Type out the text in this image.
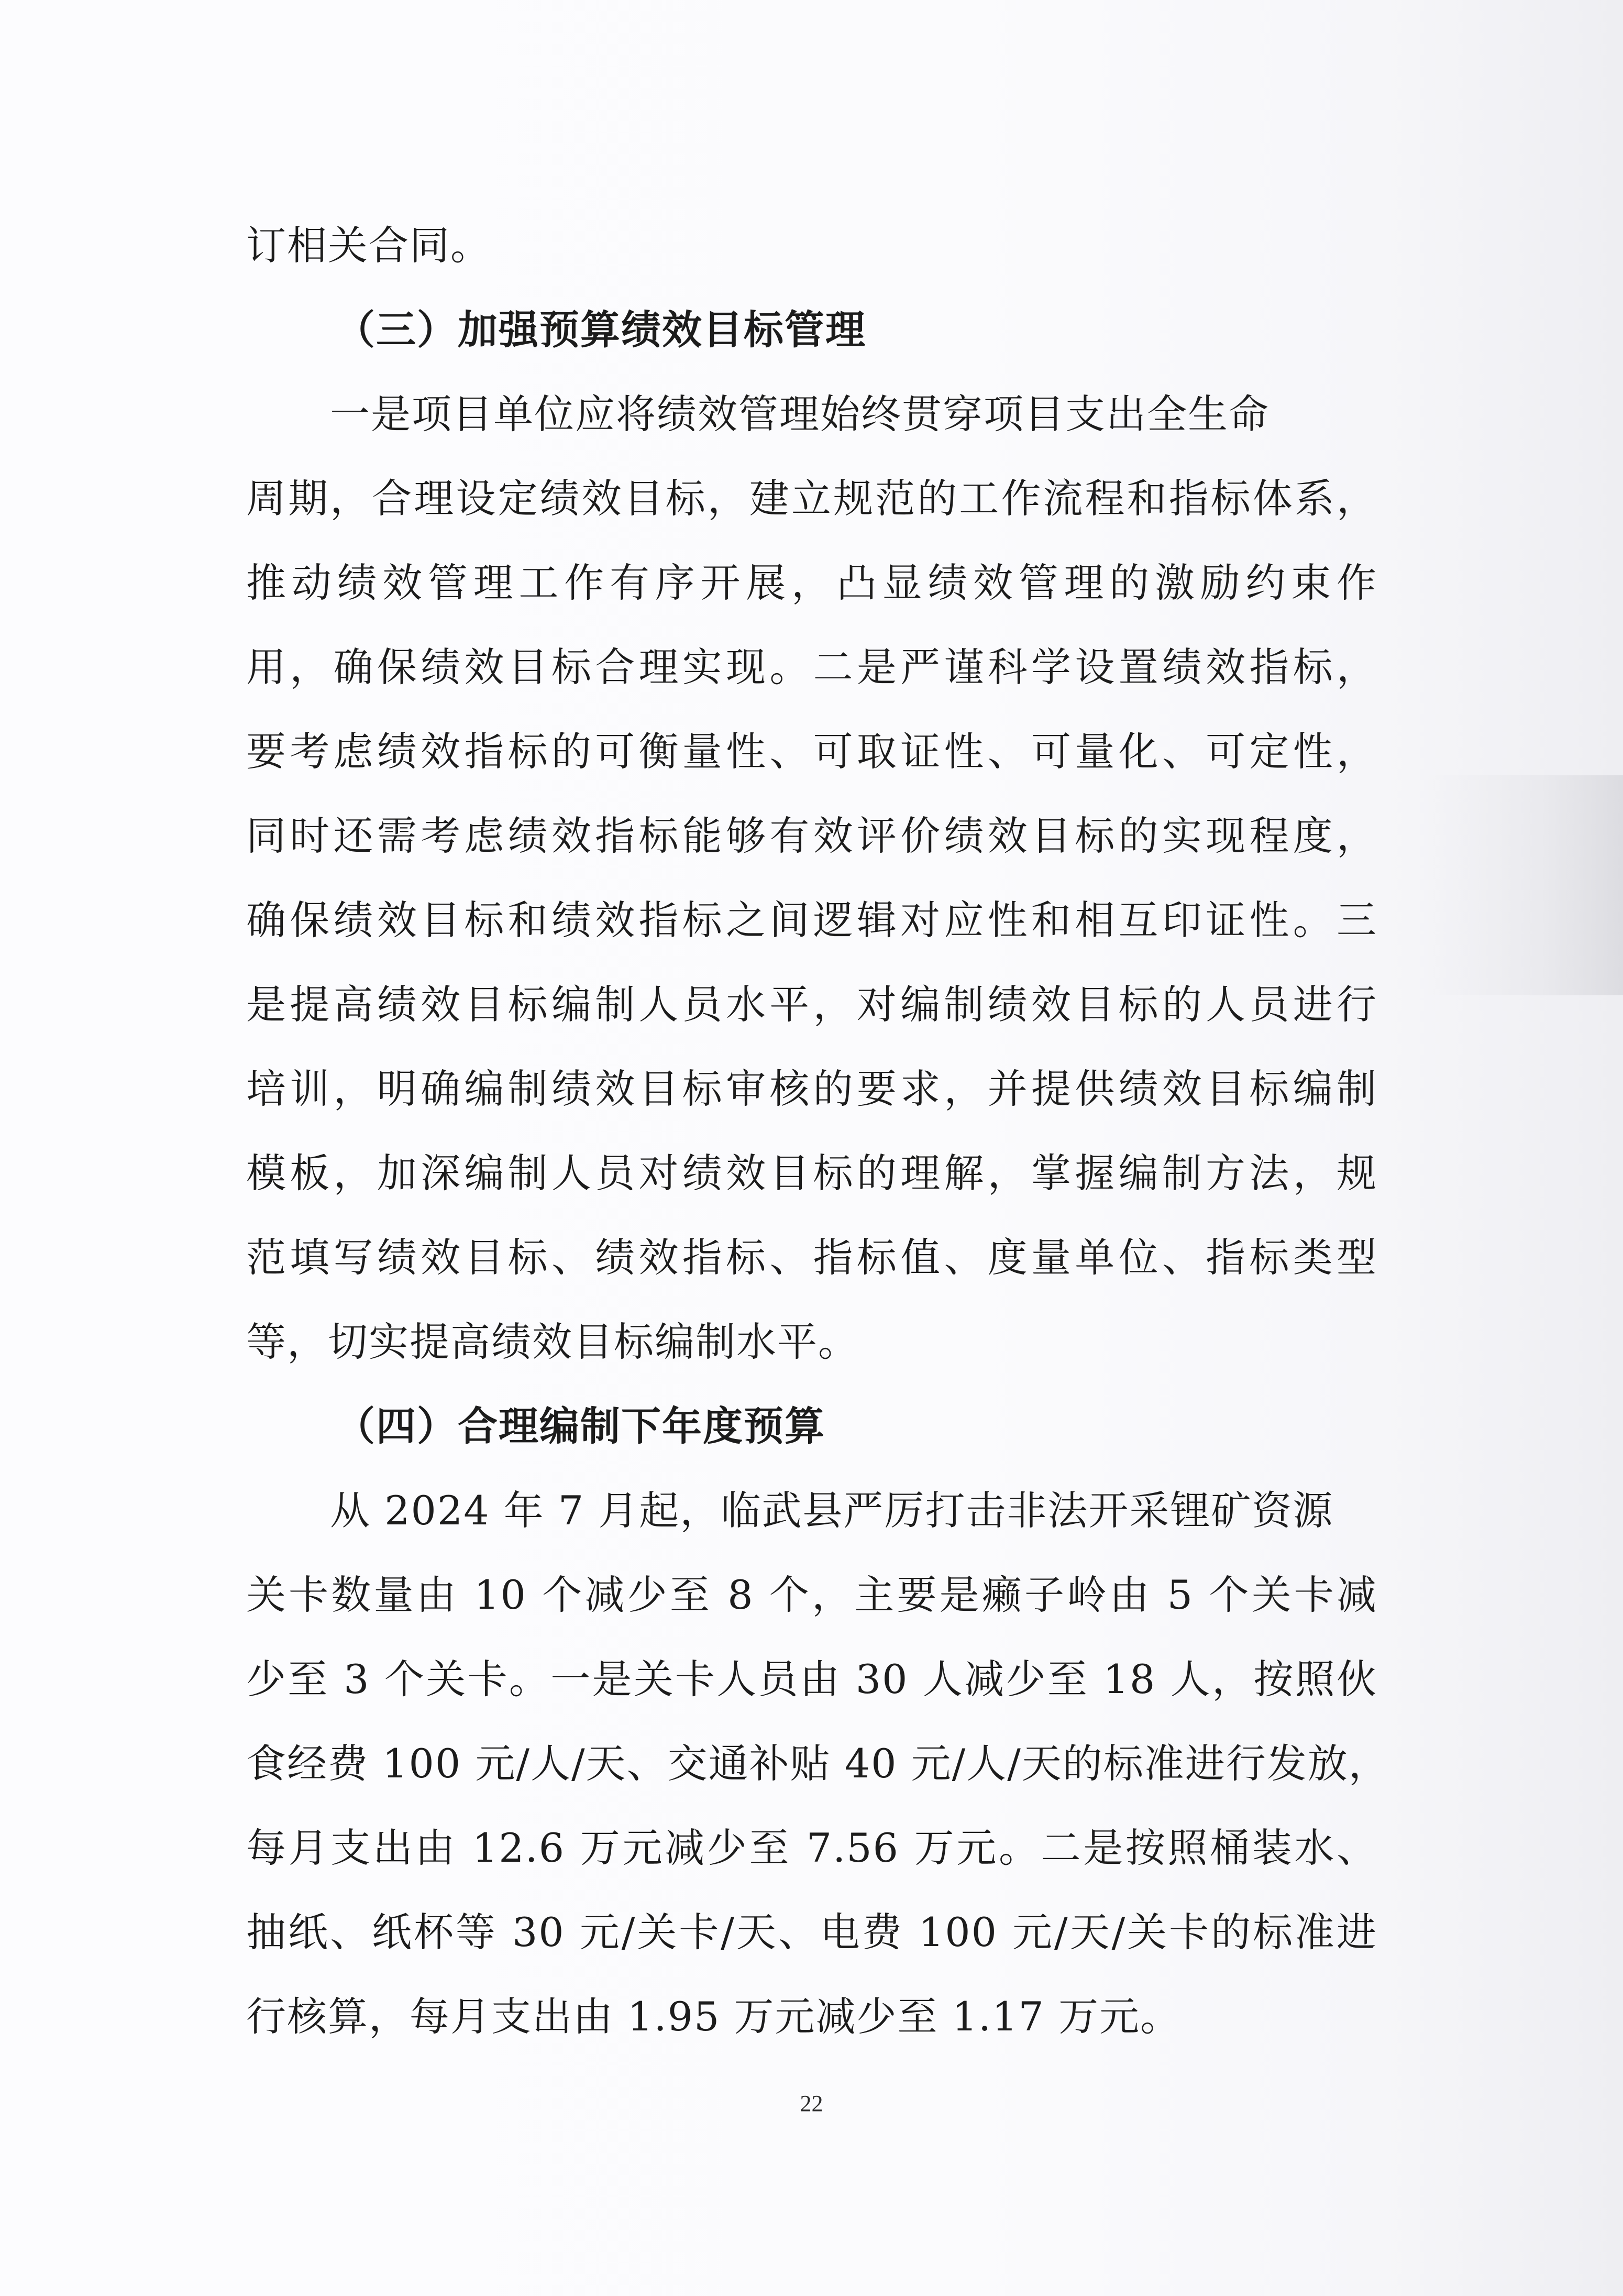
订相关合同。
（三）加强预算绩效目标管理
一是项目单位应将绩效管理始终贯穿项目支出全生命
周期，合理设定绩效目标，建立规范的工作流程和指标体系，
推动绩效管理工作有序开展，凸显绩效管理的激励约束作
用，确保绩效目标合理实现。二是严谨科学设置绩效指标，
要考虑绩效指标的可衡量性、可取证性、可量化、可定性，
同时还需考虑绩效指标能够有效评价绩效目标的实现程度，
确保绩效目标和绩效指标之间逻辑对应性和相互印证性。三
是提高绩效目标编制人员水平，对编制绩效目标的人员进行
培训，明确编制绩效目标审核的要求，并提供绩效目标编制
模板，加深编制人员对绩效目标的理解，掌握编制方法，规
范填写绩效目标、绩效指标、指标值、度量单位、指标类型
等，切实提高绩效目标编制水平。
（四）合理编制下年度预算
从 2024 年 7 月起，临武县严厉打击非法开采锂矿资源
关卡数量由 10 个减少至 8 个，主要是癞子岭由 5 个关卡减
少至 3 个关卡。一是关卡人员由 30 人减少至 18 人，按照伙
食经费 100 元/人/天、交通补贴 40 元/人/天的标准进行发放，
每月支出由 12.6 万元减少至 7.56 万元。二是按照桶装水、
抽纸、纸杯等 30 元/关卡/天、电费 100 元/天/关卡的标准进
行核算，每月支出由 1.95 万元减少至 1.17 万元。
22
